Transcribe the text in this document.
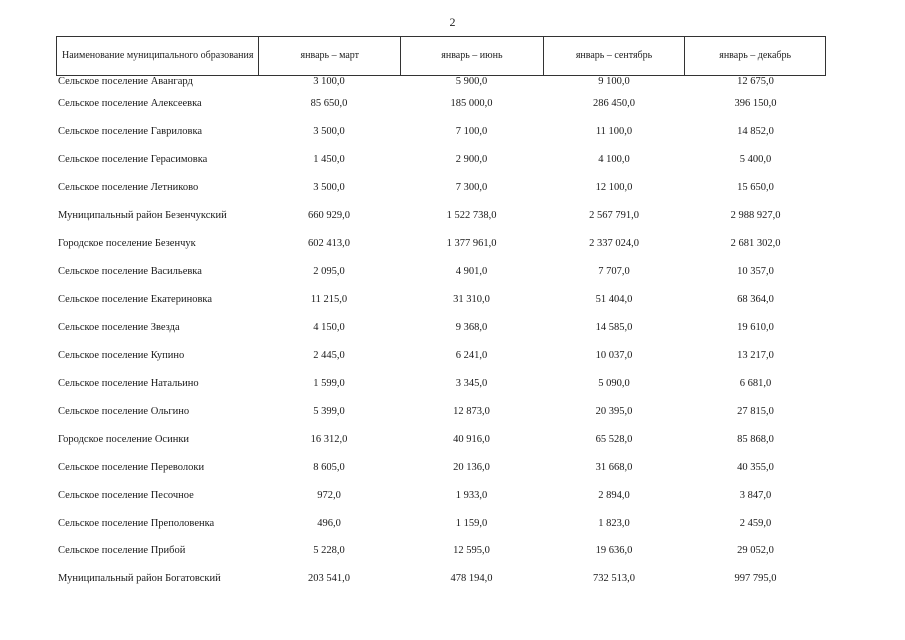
2
Наименование муниципального образования	январь – март	январь – июнь	январь – сентябрь	январь – декабрь
Сельское поселение Авангард	3 100,0	5 900,0	9 100,0	12 675,0
Сельское поселение Алексеевка	85 650,0	185 000,0	286 450,0	396 150,0
Сельское поселение Гавриловка	3 500,0	7 100,0	11 100,0	14 852,0
Сельское поселение Герасимовка	1 450,0	2 900,0	4 100,0	5 400,0
Сельское поселение Летниково	3 500,0	7 300,0	12 100,0	15 650,0
Муниципальный район Безенчукский	660 929,0	1 522 738,0	2 567 791,0	2 988 927,0
Городское поселение Безенчук	602 413,0	1 377 961,0	2 337 024,0	2 681 302,0
Сельское поселение Васильевка	2 095,0	4 901,0	7 707,0	10 357,0
Сельское поселение Екатериновка	11 215,0	31 310,0	51 404,0	68 364,0
Сельское поселение Звезда	4 150,0	9 368,0	14 585,0	19 610,0
Сельское поселение Купино	2 445,0	6 241,0	10 037,0	13 217,0
Сельское поселение Натальино	1 599,0	3 345,0	5 090,0	6 681,0
Сельское поселение Ольгино	5 399,0	12 873,0	20 395,0	27 815,0
Городское поселение Осинки	16 312,0	40 916,0	65 528,0	85 868,0
Сельское поселение Переволоки	8 605,0	20 136,0	31 668,0	40 355,0
Сельское поселение Песочное	972,0	1 933,0	2 894,0	3 847,0
Сельское поселение Преполовенка	496,0	1 159,0	1 823,0	2 459,0
Сельское поселение Прибой	5 228,0	12 595,0	19 636,0	29 052,0
Муниципальный район Богатовский	203 541,0	478 194,0	732 513,0	997 795,0
